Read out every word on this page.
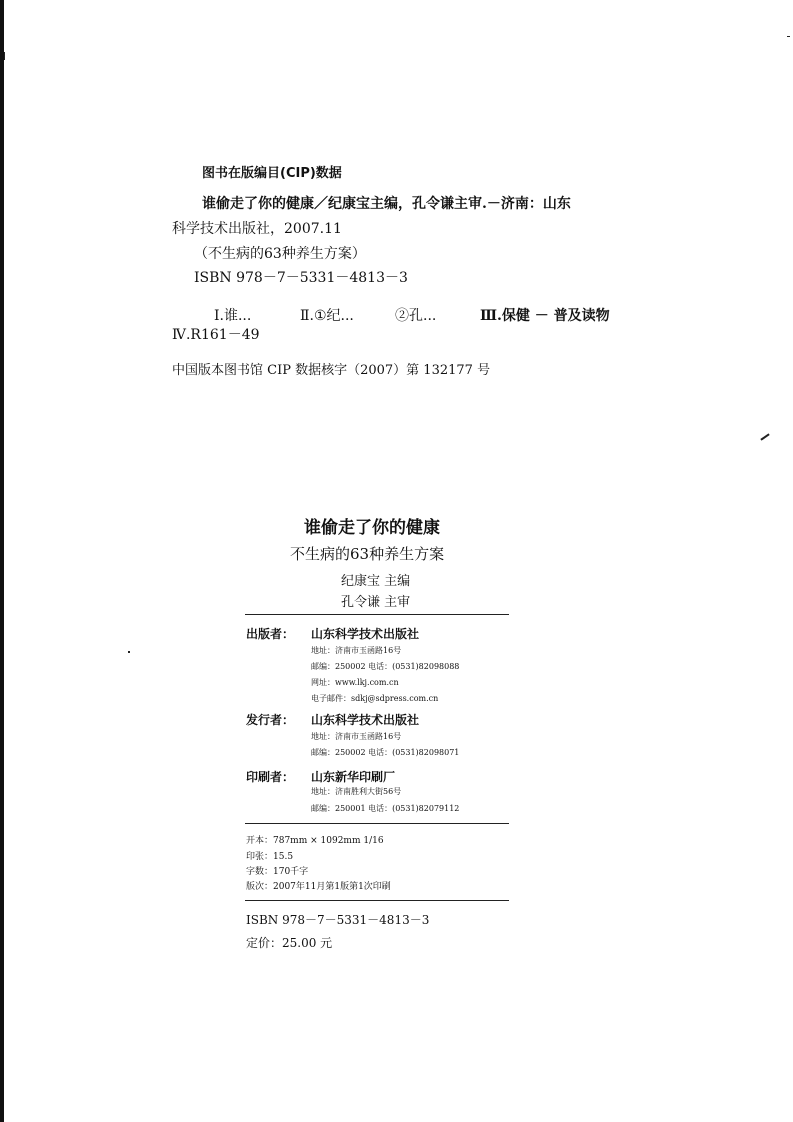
图书在版编目(CIP)数据
谁偷走了你的健康／纪康宝主编，孔令谦主审.－济南：山东
科学技术出版社，2007.11
（不生病的63种养生方案）
ISBN 978－7－5331－4813－3
Ⅰ.谁...	Ⅱ.①纪...	②孔...	Ⅲ.保健 － 普及读物
Ⅳ.R161－49
中国版本图书馆 CIP 数据核字（2007）第 132177 号
谁偷走了你的健康
不生病的63种养生方案
纪康宝 主编
孔令谦 主审
出版者： 山东科学技术出版社
地址：济南市玉函路16号
邮编：250002 电话：(0531)82098088
网址：www.lkj.com.cn
电子邮件：sdkj@sdpress.com.cn
发行者： 山东科学技术出版社
地址：济南市玉函路16号
邮编：250002 电话：(0531)82098071
印刷者： 山东新华印刷厂
地址：济南胜利大街56号
邮编：250001 电话：(0531)82079112
开本：787mm × 1092mm 1/16
印张：15.5
字数：170千字
版次：2007年11月第1版第1次印刷
ISBN 978－7－5331－4813－3
定价：25.00 元
